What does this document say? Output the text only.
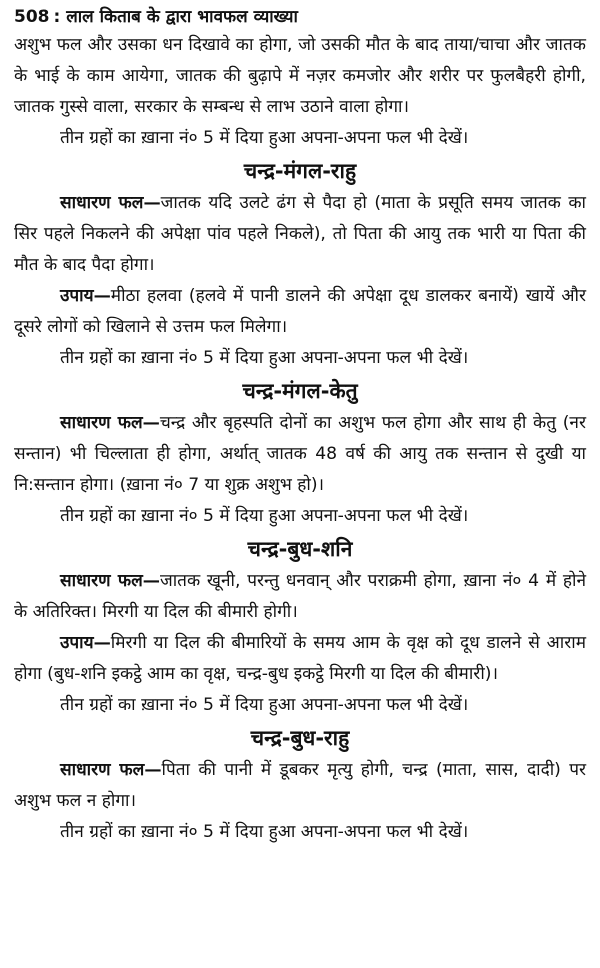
508 : लाल किताब के द्वारा भावफल व्याख्या

अशुभ फल और उसका धन दिखावे का होगा, जो उसकी मौत के बाद ताया/चाचा और जातक के भाई के काम आयेगा, जातक की बुढ़ापे में नज़र कमजोर और शरीर पर फुलबैहरी होगी, जातक गुस्से वाला, सरकार के सम्बन्ध से लाभ उठाने वाला होगा।

तीन ग्रहों का ख़ाना नं० 5 में दिया हुआ अपना-अपना फल भी देखें।

चन्द्र-मंगल-राहु

साधारण फल—जातक यदि उलटे ढंग से पैदा हो (माता के प्रसूति समय जातक का सिर पहले निकलने की अपेक्षा पांव पहले निकले), तो पिता की आयु तक भारी या पिता की मौत के बाद पैदा होगा।

उपाय—मीठा हलवा (हलवे में पानी डालने की अपेक्षा दूध डालकर बनायें) खायें और दूसरे लोगों को खिलाने से उत्तम फल मिलेगा।

तीन ग्रहों का ख़ाना नं० 5 में दिया हुआ अपना-अपना फल भी देखें।

चन्द्र-मंगल-केतु

साधारण फल—चन्द्र और बृहस्पति दोनों का अशुभ फल होगा और साथ ही केतु (नर सन्तान) भी चिल्लाता ही होगा, अर्थात् जातक 48 वर्ष की आयु तक सन्तान से दुखी या नि:सन्तान होगा। (ख़ाना नं० 7 या शुक्र अशुभ हो)।

तीन ग्रहों का ख़ाना नं० 5 में दिया हुआ अपना-अपना फल भी देखें।

चन्द्र-बुध-शनि

साधारण फल—जातक खूनी, परन्तु धनवान् और पराक्रमी होगा, ख़ाना नं० 4 में होने के अतिरिक्त। मिरगी या दिल की बीमारी होगी।

उपाय—मिरगी या दिल की बीमारियों के समय आम के वृक्ष को दूध डालने से आराम होगा (बुध-शनि इकट्ठे आम का वृक्ष, चन्द्र-बुध इकट्ठे मिरगी या दिल की बीमारी)।

तीन ग्रहों का ख़ाना नं० 5 में दिया हुआ अपना-अपना फल भी देखें।

चन्द्र-बुध-राहु

साधारण फल—पिता की पानी में डूबकर मृत्यु होगी, चन्द्र (माता, सास, दादी) पर अशुभ फल न होगा।

तीन ग्रहों का ख़ाना नं० 5 में दिया हुआ अपना-अपना फल भी देखें।
